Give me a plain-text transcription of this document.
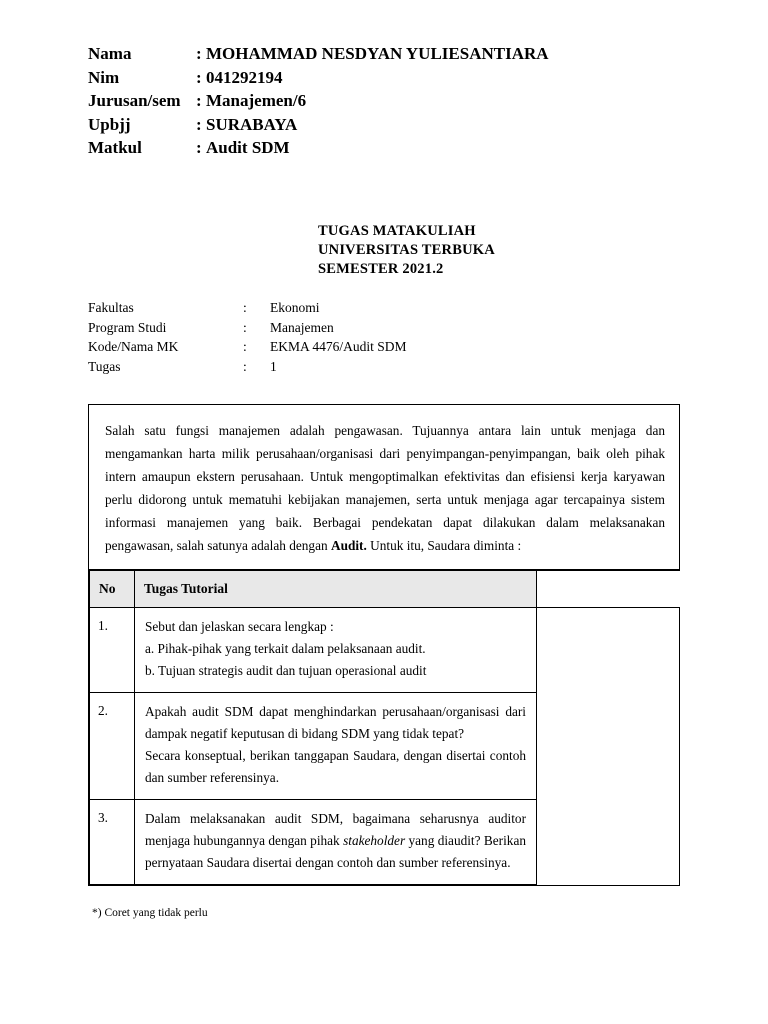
Nama	: MOHAMMAD NESDYAN YULIESANTIARA
Nim	: 041292194
Jurusan/sem : Manajemen/6
Upbjj	: SURABAYA
Matkul	: Audit SDM
TUGAS MATAKULIAH
UNIVERSITAS TERBUKA
SEMESTER 2021.2
Fakultas	:	Ekonomi
Program Studi	:	Manajemen
Kode/Nama MK	:	EKMA 4476/Audit SDM
Tugas	:	1
Salah satu fungsi manajemen adalah pengawasan. Tujuannya antara lain untuk menjaga dan mengamankan harta milik perusahaan/organisasi dari penyimpangan-penyimpangan, baik oleh pihak intern amaupun ekstern perusahaan. Untuk mengoptimalkan efektivitas dan efisiensi kerja karyawan perlu didorong untuk mematuhi kebijakan manajemen, serta untuk menjaga agar tercapainya sistem informasi manajemen yang baik. Berbagai pendekatan dapat dilakukan dalam melaksanakan pengawasan, salah satunya adalah dengan Audit. Untuk itu, Saudara diminta :
No	Tugas Tutorial	
1.	Sebut dan jelaskan secara lengkap :
a. Pihak-pihak yang terkait dalam pelaksanaan audit.
b. Tujuan strategis audit dan tujuan operasional audit	

2.	Apakah audit SDM dapat menghindarkan perusahaan/organisasi dari dampak negatif keputusan di bidang SDM yang tidak tepat?
Secara konseptual, berikan tanggapan Saudara, dengan disertai contoh dan sumber referensinya.	

3.	Dalam melaksanakan audit SDM, bagaimana seharusnya auditor menjaga hubungannya dengan pihak stakeholder yang diaudit? Berikan pernyataan Saudara disertai dengan contoh dan sumber referensinya.	
*) Coret yang tidak perlu
